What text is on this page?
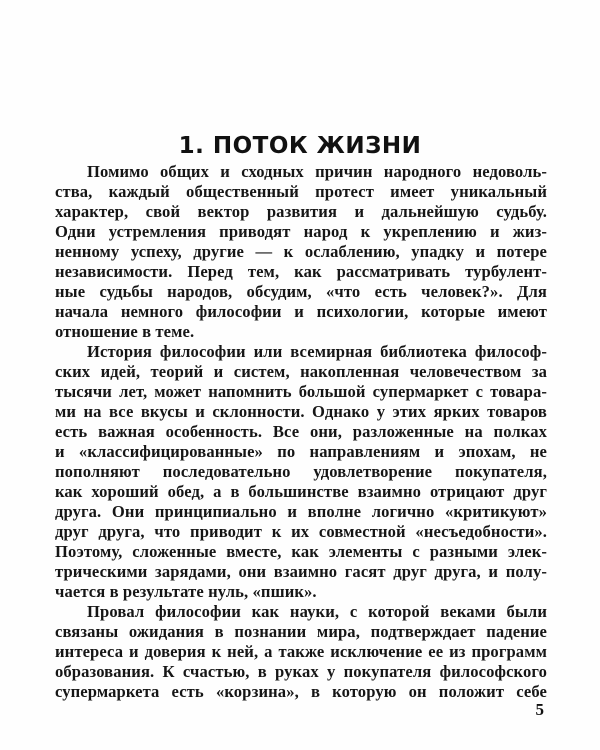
1. ПОТОК ЖИЗНИ
Помимо общих и сходных причин народного недоволь-
ства, каждый общественный протест имеет уникальный
характер, свой вектор развития и дальнейшую судьбу.
Одни устремления приводят народ к укреплению и жиз-
ненному успеху, другие — к ослаблению, упадку и потере
независимости. Перед тем, как рассматривать турбулент-
ные судьбы народов, обсудим, «что есть человек?». Для
начала немного философии и психологии, которые имеют
отношение в теме.
История философии или всемирная библиотека философ-
ских идей, теорий и систем, накопленная человечеством за
тысячи лет, может напомнить большой супермаркет с товара-
ми на все вкусы и склонности. Однако у этих ярких товаров
есть важная особенность. Все они, разложенные на полках
и «классифицированные» по направлениям и эпохам, не
пополняют последовательно удовлетворение покупателя,
как хороший обед, а в большинстве взаимно отрицают друг
друга. Они принципиально и вполне логично «критикуют»
друг друга, что приводит к их совместной «несъедобности».
Поэтому, сложенные вместе, как элементы с разными элек-
трическими зарядами, они взаимно гасят друг друга, и полу-
чается в результате нуль, «пшик».
Провал философии как науки, с которой веками были
связаны ожидания в познании мира, подтверждает падение
интереса и доверия к ней, а также исключение ее из программ
образования. К счастью, в руках у покупателя философского
супермаркета есть «корзина», в которую он положит себе
5
